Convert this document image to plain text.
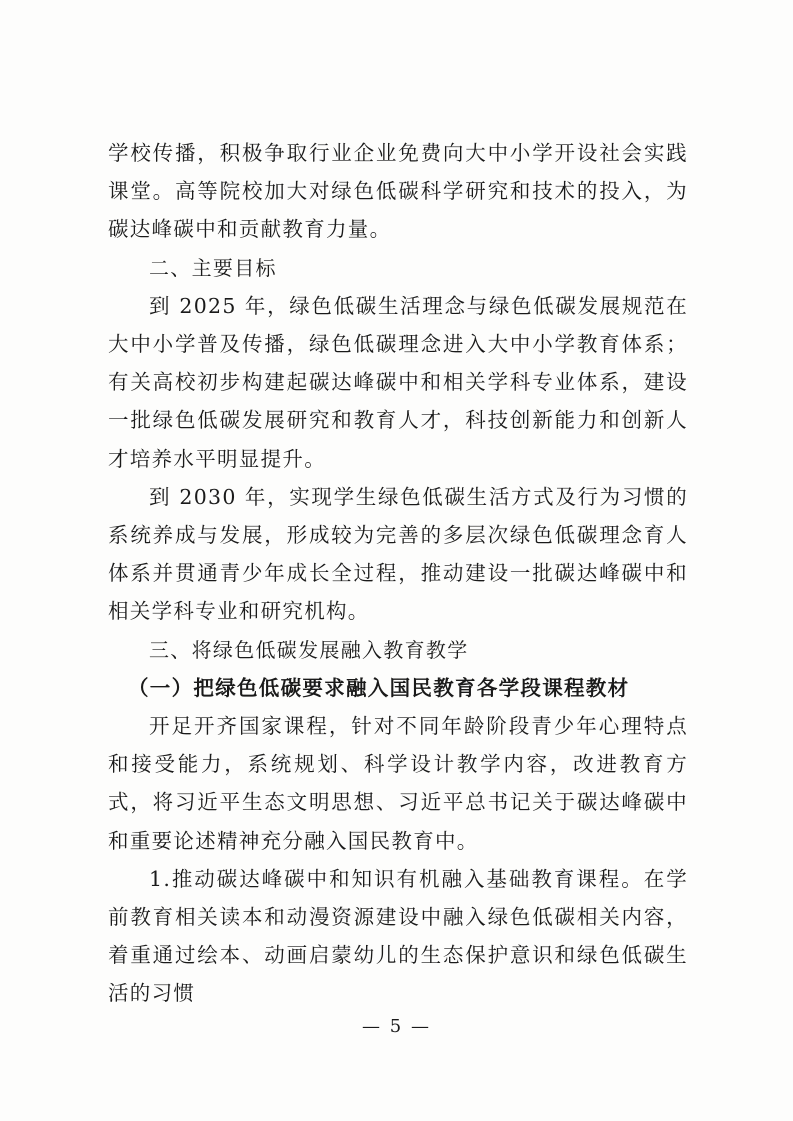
学校传播，积极争取行业企业免费向大中小学开设社会实践课堂。高等院校加大对绿色低碳科学研究和技术的投入，为碳达峰碳中和贡献教育力量。

二、主要目标

到 2025 年，绿色低碳生活理念与绿色低碳发展规范在大中小学普及传播，绿色低碳理念进入大中小学教育体系；有关高校初步构建起碳达峰碳中和相关学科专业体系，建设一批绿色低碳发展研究和教育人才，科技创新能力和创新人才培养水平明显提升。

到 2030 年，实现学生绿色低碳生活方式及行为习惯的系统养成与发展，形成较为完善的多层次绿色低碳理念育人体系并贯通青少年成长全过程，推动建设一批碳达峰碳中和相关学科专业和研究机构。

三、将绿色低碳发展融入教育教学
（一）把绿色低碳要求融入国民教育各学段课程教材

开足开齐国家课程，针对不同年龄阶段青少年心理特点和接受能力，系统规划、科学设计教学内容，改进教育方式，将习近平生态文明思想、习近平总书记关于碳达峰碳中和重要论述精神充分融入国民教育中。

1.推动碳达峰碳中和知识有机融入基础教育课程。在学前教育相关读本和动漫资源建设中融入绿色低碳相关内容，着重通过绘本、动画启蒙幼儿的生态保护意识和绿色低碳生活的习惯

— 5 —
